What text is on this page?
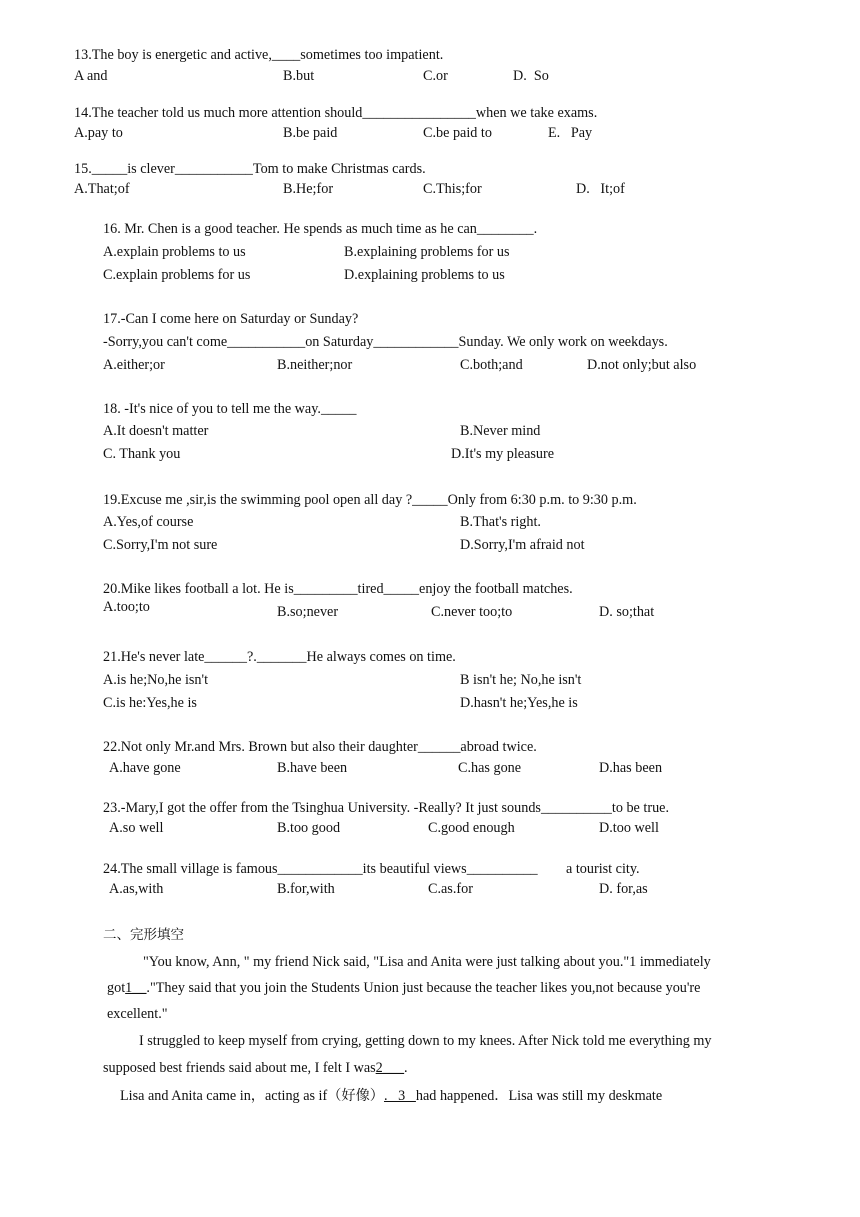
13.The boy is energetic and active,____sometimes too impatient.
A and	B.but	C.or	D.  So
14.The teacher told us much more attention should________________when we take exams.
A.pay to	B.be paid	C.be paid to	E.   Pay
15._____is clever___________Tom to make Christmas cards.
A.That;of	B.He;for	C.This;for	D.   It;of
16. Mr. Chen is a good teacher. He spends as much time as he can________.
A.explain problems to us	B.explaining problems for us
C.explain problems for us	D.explaining problems to us
17.-Can I come here on Saturday or Sunday?
-Sorry,you can't come___________on Saturday____________Sunday. We only work on weekdays.
A.either;or	B.neither;nor	C.both;and	D.not only;but also
18. -It's nice of you to tell me the way._____
A.It doesn't matter	B.Never mind
C. Thank you	D.It's my pleasure
19.Excuse me ,sir,is the swimming pool open all day ?_____Only from 6:30 p.m. to 9:30 p.m.
A.Yes,of course	B.That's right.
C.Sorry,I'm not sure	D.Sorry,I'm afraid not
20.Mike likes football a lot. He is_________tired_____enjoy the football matches.
A.too;to	B.so;never	C.never too;to	D. so;that
21.He's never late______?._______He always comes on time.
A.is he;No,he isn't	B isn't he; No,he isn't
C.is he:Yes,he is	D.hasn't he;Yes,he is
22.Not only Mr.and Mrs. Brown but also their daughter______abroad twice.
A.have gone	B.have been	C.has gone	D.has been
23.-Mary,I got the offer from the Tsinghua University. -Really? It just sounds__________to be true.
A.so well	B.too good	C.good enough	D.too well
24.The small village is famous____________its beautiful views__________        a tourist city.
A.as,with	B.for,with	C.as.for	D. for,as
二、完形填空
"You know, Ann, " my friend Nick said, "Lisa and Anita were just talking about you."1 immediately
got1__."They said that you join the Students Union just because the teacher likes you,not because you're
excellent."
I struggled to keep myself from crying, getting down to my knees. After Nick told me everything my
supposed best friends said about me, I felt I was2___.
Lisa and Anita came in，acting as if（好像）.   3   had happened．Lisa was still my deskmate
